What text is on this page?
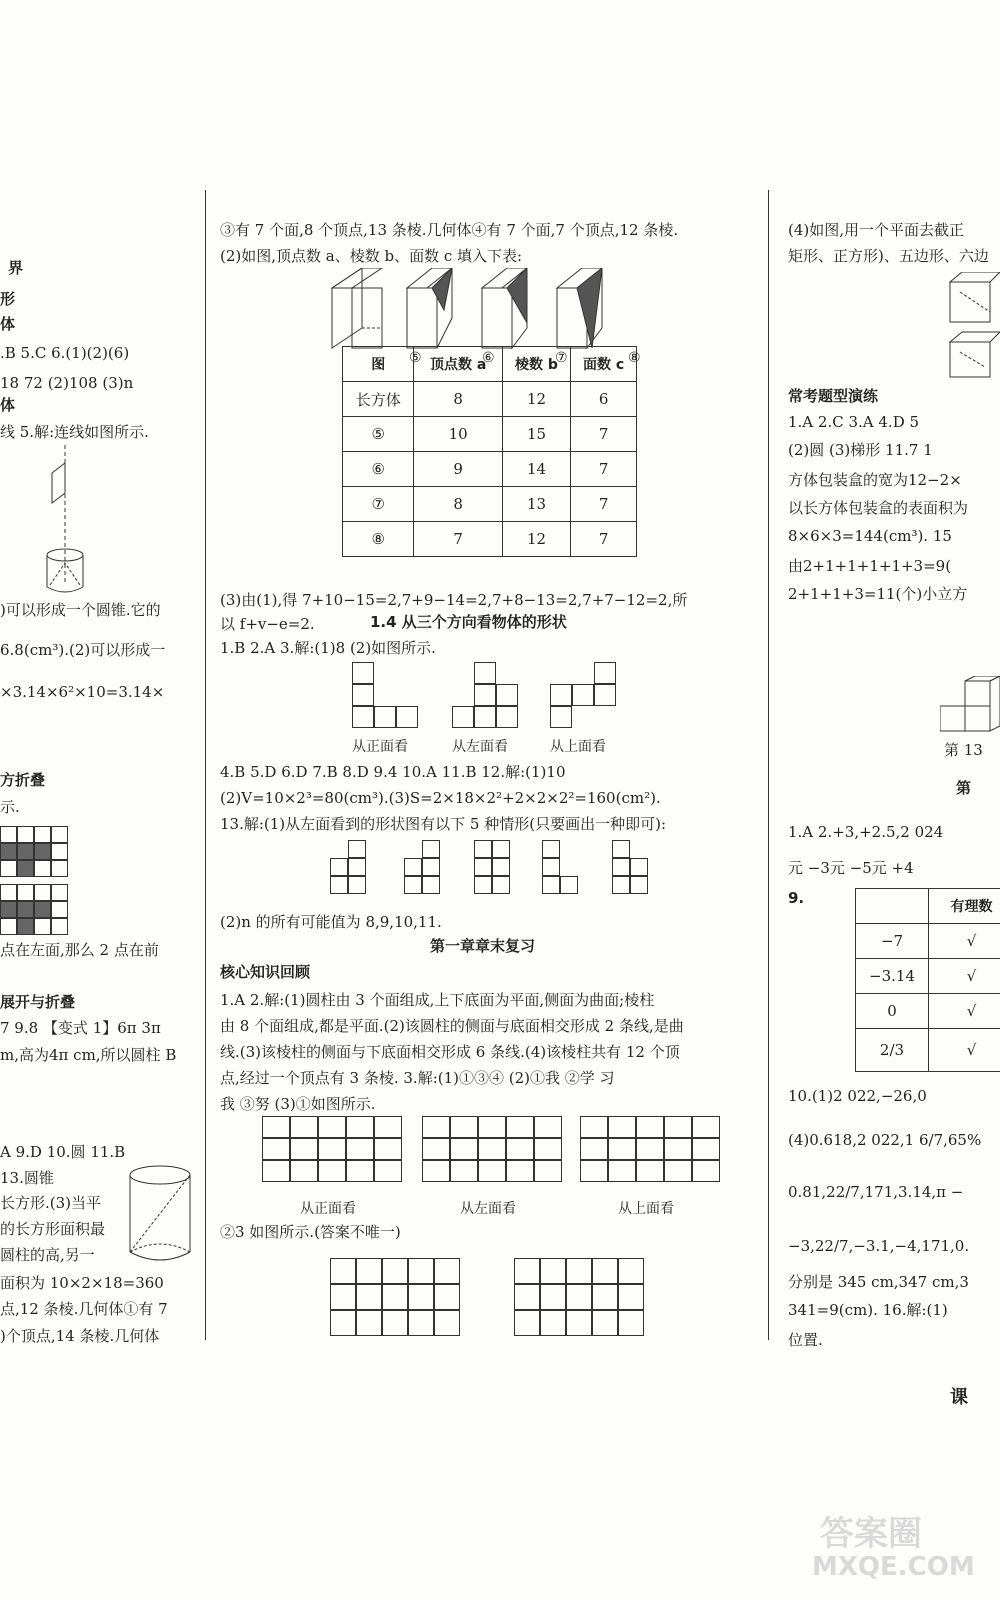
界
形
体
.B 5.C 6.(1)(2)(6)
18 72 (2)108 (3)n
体
线 5.解:连线如图所示.
)可以形成一个圆锥.它的
6.8(cm³).(2)可以形成一
×3.14×6²×10=3.14×
方折叠
示.
点在左面,那么 2 点在前
展开与折叠
7 9.8 【变式 1】6π 3π
m,高为4π cm,所以圆柱 B
A 9.D 10.圆 11.B
13.圆锥
长方形.(3)当平
的长方形面积最
圆柱的高,另一
面积为 10×2×18=360
点,12 条棱.几何体①有 7
)个顶点,14 条棱.几何体
③有 7 个面,8 个顶点,13 条棱.几何体④有 7 个面,7 个顶点,12 条棱.
(2)如图,顶点数 a、棱数 b、面数 c 填入下表:
⑤	⑥	⑦	⑧
图	顶点数 a	棱数 b	面数 c
长方体	8	12	6
⑤	10	15	7
⑥	9	14	7
⑦	8	13	7
⑧	7	12	7
(3)由(1),得 7+10−15=2,7+9−14=2,7+8−13=2,7+7−12=2,所
以 f+v−e=2.	1.4 从三个方向看物体的形状
1.B 2.A 3.解:(1)8 (2)如图所示.
从正面看	从左面看	从上面看
4.B 5.D 6.D 7.B 8.D 9.4 10.A 11.B 12.解:(1)10
(2)V=10×2³=80(cm³).(3)S=2×18×2²+2×2×2²=160(cm²).
13.解:(1)从左面看到的形状图有以下 5 种情形(只要画出一种即可):
(2)n 的所有可能值为 8,9,10,11.
第一章章末复习
核心知识回顾
1.A 2.解:(1)圆柱由 3 个面组成,上下底面为平面,侧面为曲面;棱柱
由 8 个面组成,都是平面.(2)该圆柱的侧面与底面相交形成 2 条线,是曲
线.(3)该棱柱的侧面与下底面相交形成 6 条线.(4)该棱柱共有 12 个顶
点,经过一个顶点有 3 条棱. 3.解:(1)①③④ (2)①我 ②学 习
我 ③努 (3)①如图所示.
从正面看	从左面看	从上面看
②3 如图所示.(答案不唯一)
(4)如图,用一个平面去截正
矩形、正方形)、五边形、六边
常考题型演练
1.A 2.C 3.A 4.D 5
(2)圆 (3)梯形 11.7 1
方体包装盒的宽为12−2×
以长方体包装盒的表面积为
8×6×3=144(cm³). 15
由2+1+1+1+1+3=9(
2+1+1+3=11(个)小立方
第 13
第
1.A 2.+3,+2.5,2 024
元 −3元 −5元 +4
9.
		有理数
−7	√
−3.14	√
0	√
2/3	√
10.(1)2 022,−26,0
(4)0.618,2 022,1 6/7,65%
0.81,22/7,171,3.14,π −
−3,22/7,−3.1,−4,171,0.
分别是 345 cm,347 cm,3
341=9(cm). 16.解:(1)
位置.
课
答案圈
MXQE.COM
